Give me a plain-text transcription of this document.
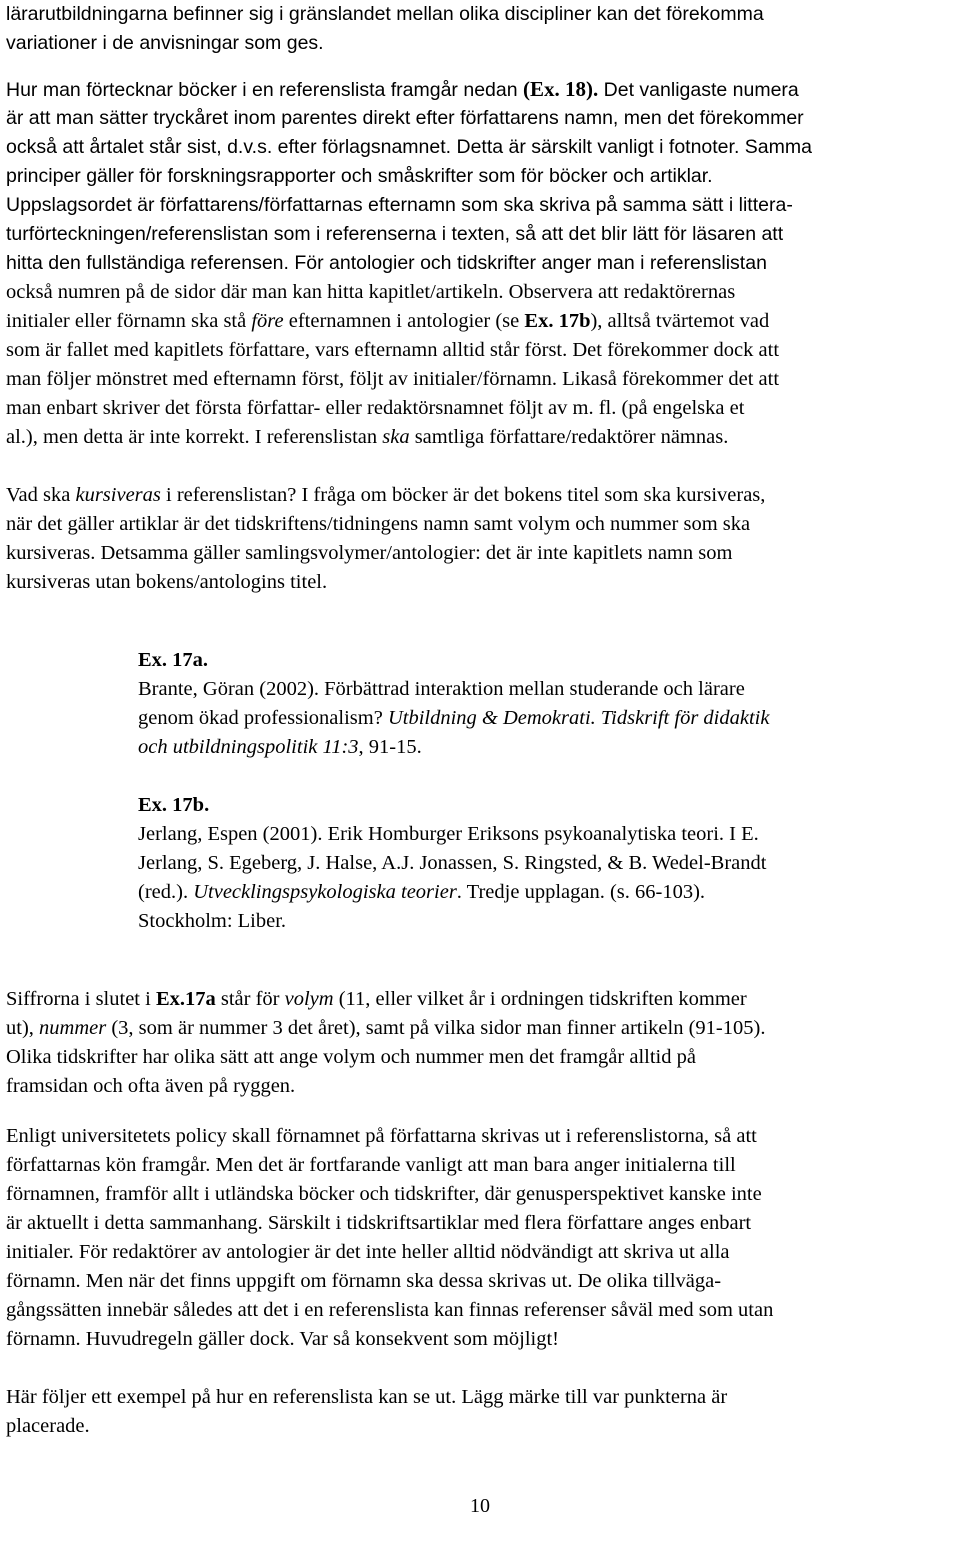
lärarutbildningarna befinner sig i gränslandet mellan olika discipliner kan det förekomma

variationer i de anvisningar som ges.

Hur man förtecknar böcker i en referenslista framgår nedan (Ex. 18). Det vanligaste numera

är att man sätter tryckåret inom parentes direkt efter författarens namn, men det förekommer

också att årtalet står sist, d.v.s. efter förlagsnamnet. Detta är särskilt vanligt i fotnoter. Samma

principer gäller för forskningsrapporter och småskrifter som för böcker och artiklar.

Uppslagsordet är författarens/författarnas efternamn som ska skriva på samma sätt i littera-

turförteckningen/referenslistan som i referenserna i texten, så att det blir lätt för läsaren att

hitta den fullständiga referensen. För antologier och tidskrifter anger man i referenslistan

också numren på de sidor där man kan hitta kapitlet/artikeln. Observera att redaktörernas

initialer eller förnamn ska stå före efternamnen i antologier (se Ex. 17b), alltså tvärtemot vad

som är fallet med kapitlets författare, vars efternamn alltid står först. Det förekommer dock att

man följer mönstret med efternamn först, följt av initialer/förnamn. Likaså förekommer det att

man enbart skriver det första författar- eller redaktörsnamnet följt av m. fl. (på engelska et

al.), men detta är inte korrekt. I referenslistan ska samtliga författare/redaktörer nämnas.

Vad ska kursiveras i referenslistan? I fråga om böcker är det bokens titel som ska kursiveras,

när det gäller artiklar är det tidskriftens/tidningens namn samt volym och nummer som ska

kursiveras. Detsamma gäller samlingsvolymer/antologier: det är inte kapitlets namn som

kursiveras utan bokens/antologins titel.

Ex. 17a.

Brante, Göran (2002). Förbättrad interaktion mellan studerande och lärare

genom ökad professionalism? Utbildning & Demokrati. Tidskrift för didaktik

och utbildningspolitik 11:3, 91-15.

Ex. 17b.

Jerlang, Espen (2001). Erik Homburger Eriksons psykoanalytiska teori. I E.

Jerlang, S. Egeberg, J. Halse, A.J. Jonassen, S. Ringsted, & B. Wedel-Brandt

(red.). Utvecklingspsykologiska teorier. Tredje upplagan. (s. 66-103).

Stockholm: Liber.

Siffrorna i slutet i Ex.17a står för volym (11, eller vilket år i ordningen tidskriften kommer

ut), nummer (3, som är nummer 3 det året), samt på vilka sidor man finner artikeln (91-105).

Olika tidskrifter har olika sätt att ange volym och nummer men det framgår alltid på

framsidan och ofta även på ryggen.

Enligt universitetets policy skall förnamnet på författarna skrivas ut i referenslistorna, så att

författarnas kön framgår. Men det är fortfarande vanligt att man bara anger initialerna till

förnamnen, framför allt i utländska böcker och tidskrifter, där genusperspektivet kanske inte

är aktuellt i detta sammanhang. Särskilt i tidskriftsartiklar med flera författare anges enbart

initialer. För redaktörer av antologier är det inte heller alltid nödvändigt att skriva ut alla

förnamn. Men när det finns uppgift om förnamn ska dessa skrivas ut. De olika tillvägа-

gångssätten innebär således att det i en referenslista kan finnas referenser såväl med som utan

förnamn. Huvudregeln gäller dock. Var så konsekvent som möjligt!

Här följer ett exempel på hur en referenslista kan se ut. Lägg märke till var punkterna är

placerade.

10
